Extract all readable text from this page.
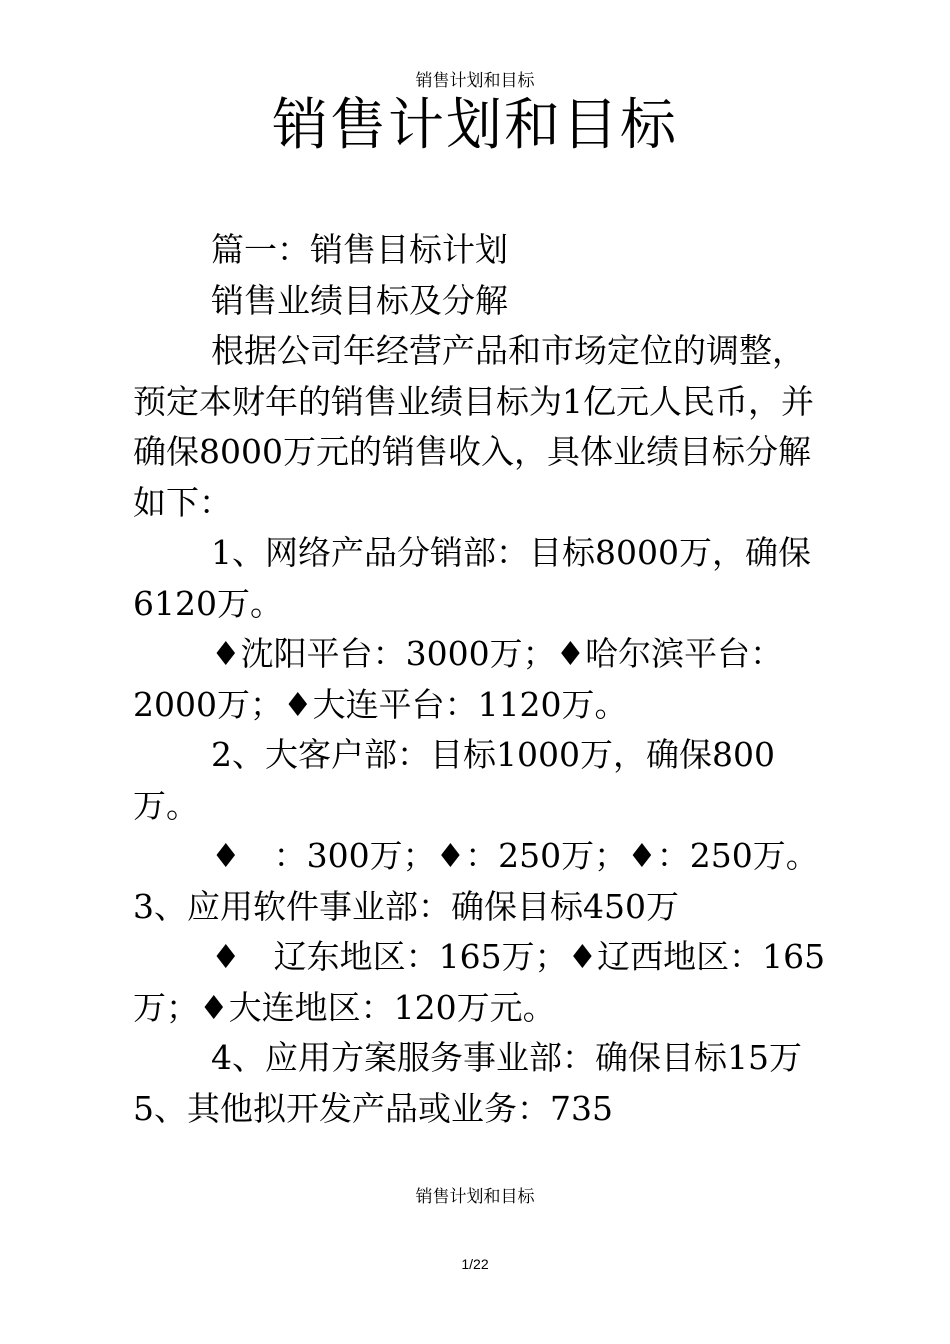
销售计划和目标
销售计划和目标

篇一：销售目标计划

销售业绩目标及分解

根据公司年经营产品和市场定位的调整，预定本财年的销售业绩目标为1亿元人民币，并确保8000万元的销售收入，具体业绩目标分解如下：

1、网络产品分销部：目标8000万，确保6120万。

♦沈阳平台：3000万；♦哈尔滨平台：2000万；♦大连平台：1120万。

2、大客户部：目标1000万，确保800万。

♦　：300万；♦：250万；♦：250万。3、应用软件事业部：确保目标450万

♦　辽东地区：165万；♦辽西地区：165万；♦大连地区：120万元。

4、应用方案服务事业部：确保目标15万 5、其他拟开发产品或业务：735

销售计划和目标
1/22
